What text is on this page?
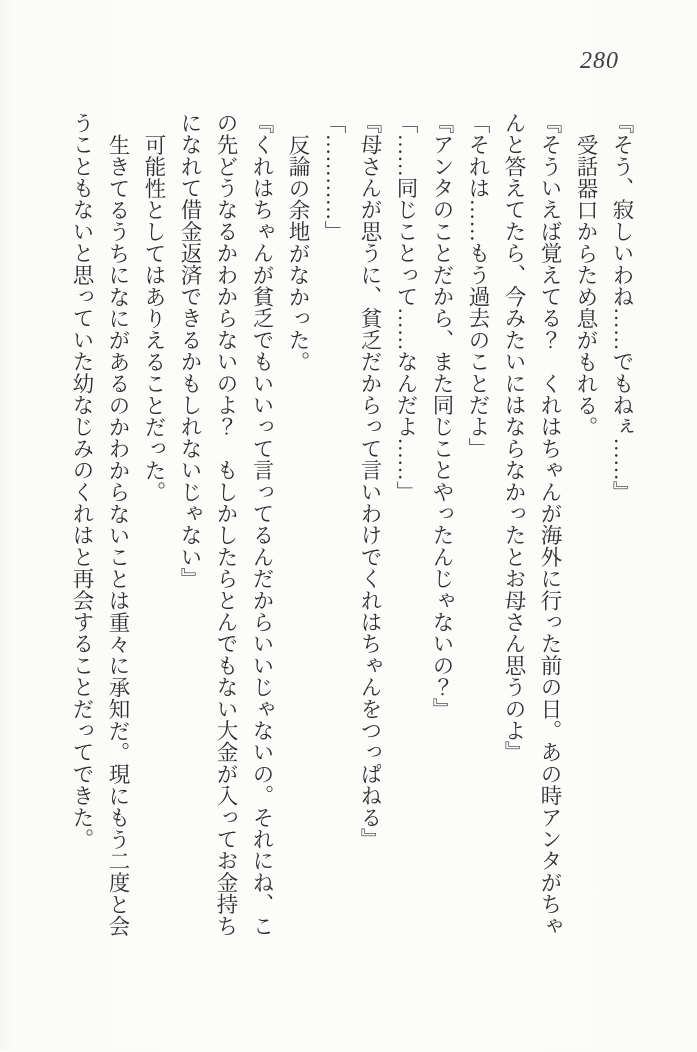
280
『そう、寂しいわね……でもねぇ……』
受話器口からため息がもれる。
『そういえば覚えてる？　くれはちゃんが海外に行った前の日。あの時アンタがちゃ
んと答えてたら、今みたいにはならなかったとお母さん思うのよ』
「それは……もう過去のことだよ」
『アンタのことだから、また同じことやったんじゃないの？』
「……同じことって……なんだよ……」
『母さんが思うに、貧乏だからって言いわけでくれはちゃんをつっぱねる』
「…………」
反論の余地がなかった。
『くれはちゃんが貧乏でもいいって言ってるんだからいいじゃないの。それにね、こ
の先どうなるかわからないのよ？　もしかしたらとんでもない大金が入ってお金持ち
になれて借金返済できるかもしれないじゃない』
可能性としてはありえることだった。
生きてるうちになにがあるのかわからないことは重々に承知だ。現にもう二度と会
うこともないと思っていた幼なじみのくれはと再会することだってできた。
